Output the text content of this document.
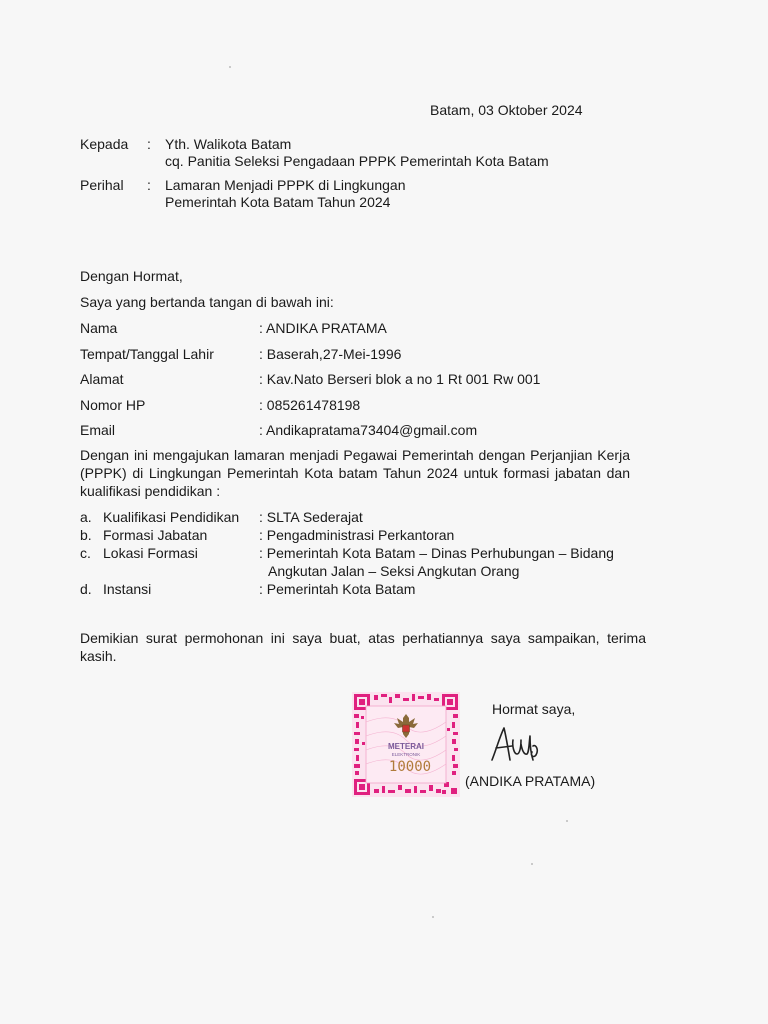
Batam, 03 Oktober 2024
Kepada : Yth. Walikota Batam
cq. Panitia Seleksi Pengadaan PPPK Pemerintah Kota Batam
Perihal : Lamaran Menjadi PPPK di Lingkungan
Pemerintah Kota Batam Tahun 2024
Dengan Hormat,
Saya yang bertanda tangan di bawah ini:
Nama	: ANDIKA PRATAMA
Tempat/Tanggal Lahir	: Baserah,27-Mei-1996
Alamat	: Kav.Nato Berseri blok a no 1 Rt 001 Rw 001
Nomor HP	: 085261478198
Email	: Andikapratama73404@gmail.com
Dengan ini mengajukan lamaran menjadi Pegawai Pemerintah dengan Perjanjian Kerja (PPPK) di Lingkungan Pemerintah Kota batam Tahun 2024 untuk formasi jabatan dan kualifikasi pendidikan :
a. Kualifikasi Pendidikan : SLTA Sederajat
b. Formasi Jabatan	: Pengadministrasi Perkantoran
c. Lokasi Formasi	: Pemerintah Kota Batam – Dinas Perhubungan – Bidang
Angkutan Jalan – Seksi Angkutan Orang
d. Instansi	: Pemerintah Kota Batam
Demikian surat permohonan ini saya buat, atas perhatiannya saya sampaikan, terima kasih.
METERAI
ELEKTRONIK
10000
Hormat saya,
(ANDIKA PRATAMA)
